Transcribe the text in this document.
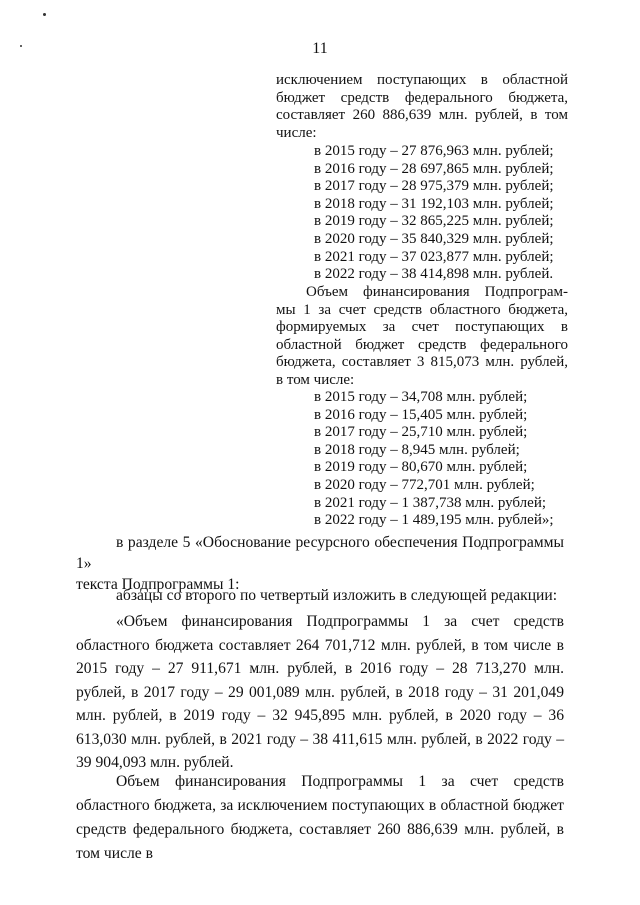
11
исключением поступающих в областной
бюджет средств федерального бюджета,
составляет 260 886,639 млн. рублей, в том
числе:
в 2015 году – 27 876,963 млн. рублей;
в 2016 году – 28 697,865 млн. рублей;
в 2017 году – 28 975,379 млн. рублей;
в 2018 году – 31 192,103 млн. рублей;
в 2019 году – 32 865,225 млн. рублей;
в 2020 году – 35 840,329 млн. рублей;
в 2021 году – 37 023,877 млн. рублей;
в 2022 году – 38 414,898 млн. рублей.
Объем финансирования Подпрограм-
мы 1 за счет средств областного бюджета,
формируемых за счет поступающих в
областной бюджет средств федерального
бюджета, составляет 3 815,073 млн. рублей,
в том числе:
в 2015 году – 34,708 млн. рублей;
в 2016 году – 15,405 млн. рублей;
в 2017 году – 25,710 млн. рублей;
в 2018 году – 8,945 млн. рублей;
в 2019 году – 80,670 млн. рублей;
в 2020 году – 772,701 млн. рублей;
в 2021 году – 1 387,738 млн. рублей;
в 2022 году – 1 489,195 млн. рублей»;

в разделе 5 «Обоснование ресурсного обеспечения Подпрограммы 1»

текста Подпрограммы 1:

абзацы со второго по четвертый изложить в следующей редакции:

«Объем финансирования Подпрограммы 1 за счет средств областного бюджета составляет 264 701,712 млн. рублей, в том числе в 2015 году – 27 911,671 млн. рублей, в 2016 году – 28 713,270 млн. рублей, в 2017 году – 29 001,089 млн. рублей, в 2018 году – 31 201,049 млн. рублей, в 2019 году – 32 945,895 млн. рублей, в 2020 году – 36 613,030 млн. рублей, в 2021 году – 38 411,615 млн. рублей, в 2022 году – 39 904,093 млн. рублей.

Объем финансирования Подпрограммы 1 за счет средств областного бюджета, за исключением поступающих в областной бюджет средств федерального бюджета, составляет 260 886,639 млн. рублей, в том числе в
